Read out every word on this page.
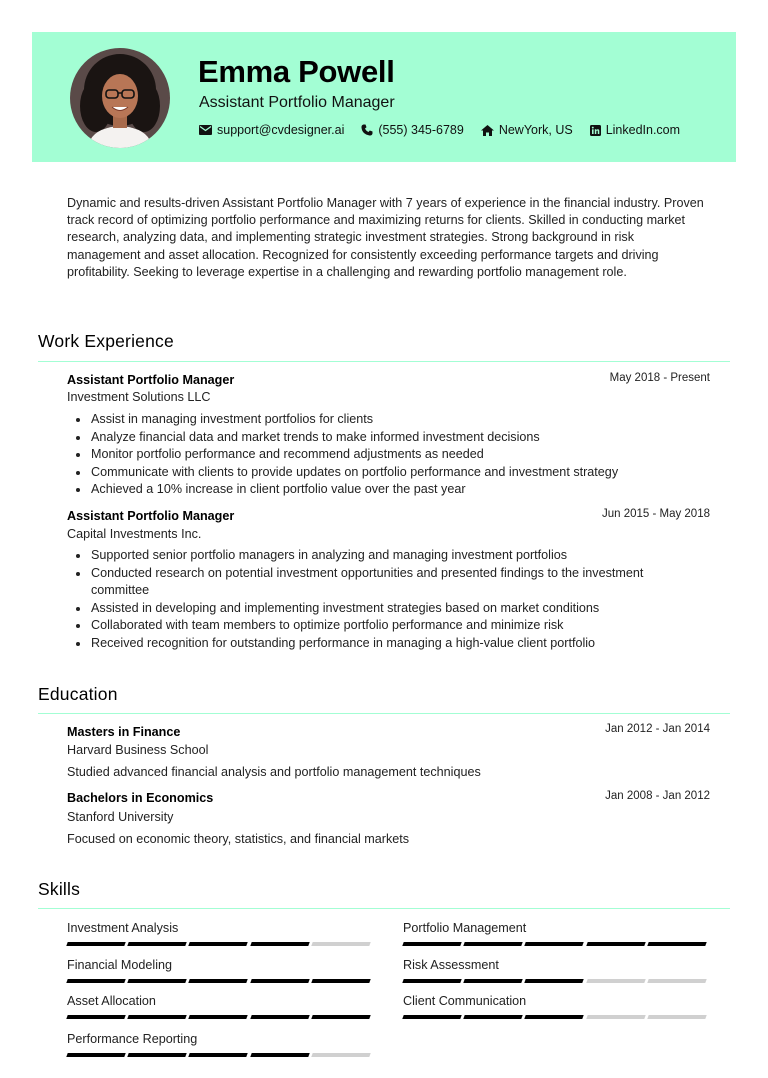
Emma Powell
Assistant Portfolio Manager
support@cvdesigner.ai	(555) 345-6789	NewYork, US	LinkedIn.com

Dynamic and results-driven Assistant Portfolio Manager with 7 years of experience in the financial industry. Proven track record of optimizing portfolio performance and maximizing returns for clients. Skilled in conducting market research, analyzing data, and implementing strategic investment strategies. Strong background in risk management and asset allocation. Recognized for consistently exceeding performance targets and driving profitability. Seeking to leverage expertise in a challenging and rewarding portfolio management role.

Work Experience
Assistant Portfolio Manager	May 2018 - Present
Investment Solutions LLC
Assist in managing investment portfolios for clients
Analyze financial data and market trends to make informed investment decisions
Monitor portfolio performance and recommend adjustments as needed
Communicate with clients to provide updates on portfolio performance and investment strategy
Achieved a 10% increase in client portfolio value over the past year
Assistant Portfolio Manager	Jun 2015 - May 2018
Capital Investments Inc.
Supported senior portfolio managers in analyzing and managing investment portfolios
Conducted research on potential investment opportunities and presented findings to the investment committee
Assisted in developing and implementing investment strategies based on market conditions
Collaborated with team members to optimize portfolio performance and minimize risk
Received recognition for outstanding performance in managing a high-value client portfolio
Education
Masters in Finance	Jan 2012 - Jan 2014
Harvard Business School
Studied advanced financial analysis and portfolio management techniques
Bachelors in Economics	Jan 2008 - Jan 2012
Stanford University
Focused on economic theory, statistics, and financial markets
Skills
Investment Analysis	Portfolio Management
Financial Modeling	Risk Assessment
Asset Allocation	Client Communication
Performance Reporting
